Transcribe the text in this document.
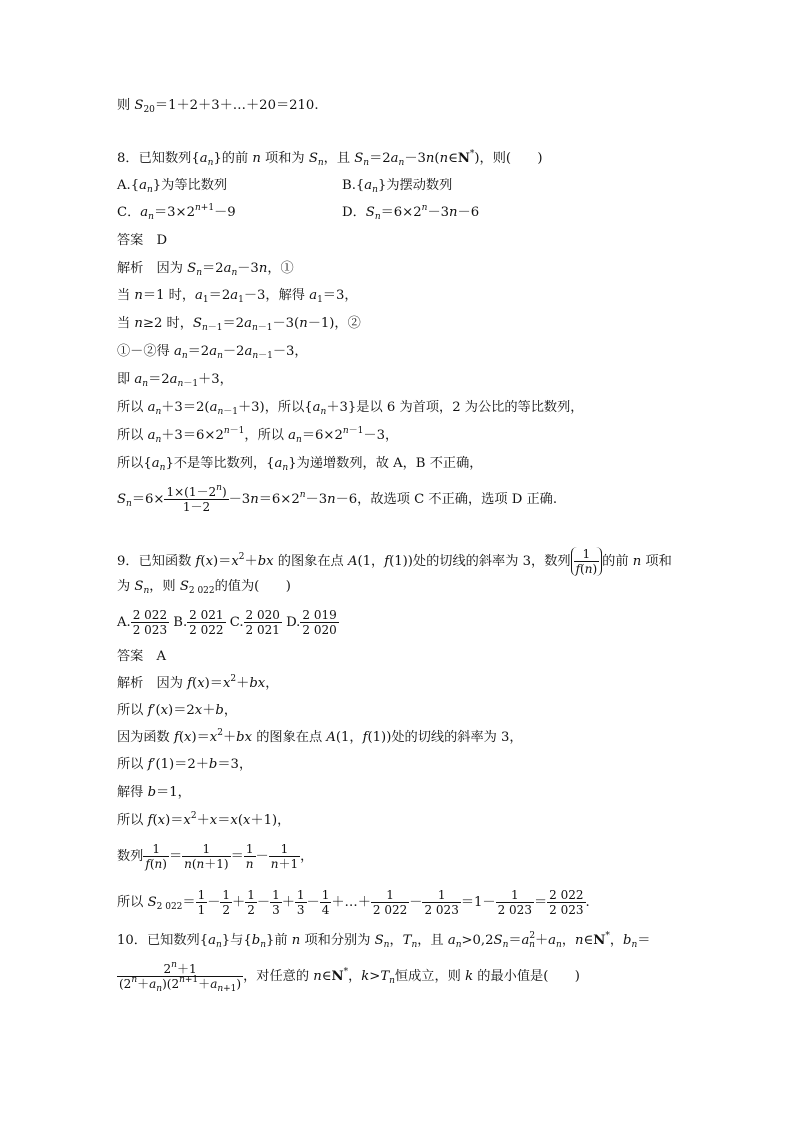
则 $S_{20}=1+2+3+\dots+20=210$.
8．已知数列$\{a_n\}$的前 n 项和为 $S_n$，且 $S_n=2a_n-3n(n\in N^*)$，则(　　)
$A.\{a_n\}$为等比数列	$B.\{a_n\}$为摆动数列
C．$a_n=3\times 2^{n+1}-9$	D．$S_n=6\times 2^n-3n-6$
答案　D
解析　因为 $S_n=2a_n-3n$，①
当 n＝1 时，$a_1=2a_1-3$，解得 $a_1=3$，
当 n≥2 时，$S_{n-1}=2a_{n-1}-3(n-1)$，②
①－②得 $a_n=2a_n-2a_{n-1}-3$，
即 $a_n=2a_{n-1}+3$，
所以 $a_n+3=2(a_{n-1}+3)$，所以$\{a_n+3\}$是以 6 为首项，2 为公比的等比数列，
所以 $a_n+3=6\times 2^{n-1}$，所以 $a_n=6\times 2^{n-1}-3$，
所以$\{a_n\}$不是等比数列，$\{a_n\}$为递增数列，故 A，B 不正确，
$S_n=6\times \frac{1\times(1-2^n)}{1-2} -3n=6\times 2^n-3n-6$，故选项 C 不正确，选项 D 正确.
9．已知函数 $f(x)=x^2+bx$ 的图象在点 A(1，f(1))处的切线的斜率为 3，数列 $\frac{1}{f(n)}$ 的前 n 项和
为 $S_n$，则 $S_{2 022}$的值为(　　)
A. $\frac{2 022}{2 023} B$. $\frac{2 021}{2 022} C$. $\frac{2 020}{2 021} D$. $\frac{2 019}{2 020}$
答案　A
解析　因为 $f(x)=x^2+bx$，
所以 f′(x)＝2x＋b，
因为函数 $f(x)=x^2+bx$ 的图象在点 A(1，f(1))处的切线的斜率为 3，
所以 f′(1)＝2＋b＝3，
解得 b＝1，
所以 $f(x)=x^2+x=x(x+1)$，
数列 $\frac{1}{f(n)} = \frac{1}{n(n+1)} = \frac{1}{n} - \frac{1}{n+1}$ ，
所以 $S_{2 022}= \frac{1}{1} - \frac{1}{2} + \frac{1}{2} - \frac{1}{3} + \frac{1}{3} - \frac{1}{4}$ ＋…＋ $\frac{1}{2 022} - \frac{1}{2 023} =1- \frac{1}{2 023} = \frac{2 022}{2 023}$ .
10．已知数列$\{a_n\}$与$\{b_n\}$前 n 项和分别为 $S_n$，$T_n$，且 $a_n>0,2S_n=a^2_n+a_n$，n∈N*，$b_n=$
$\frac{2^n+1}{(2^n+a_n)(2^{n+1}+a_{n+1})}$ ，对任意的 n∈N*，$k>T_n$恒成立，则 k 的最小值是(　　)
